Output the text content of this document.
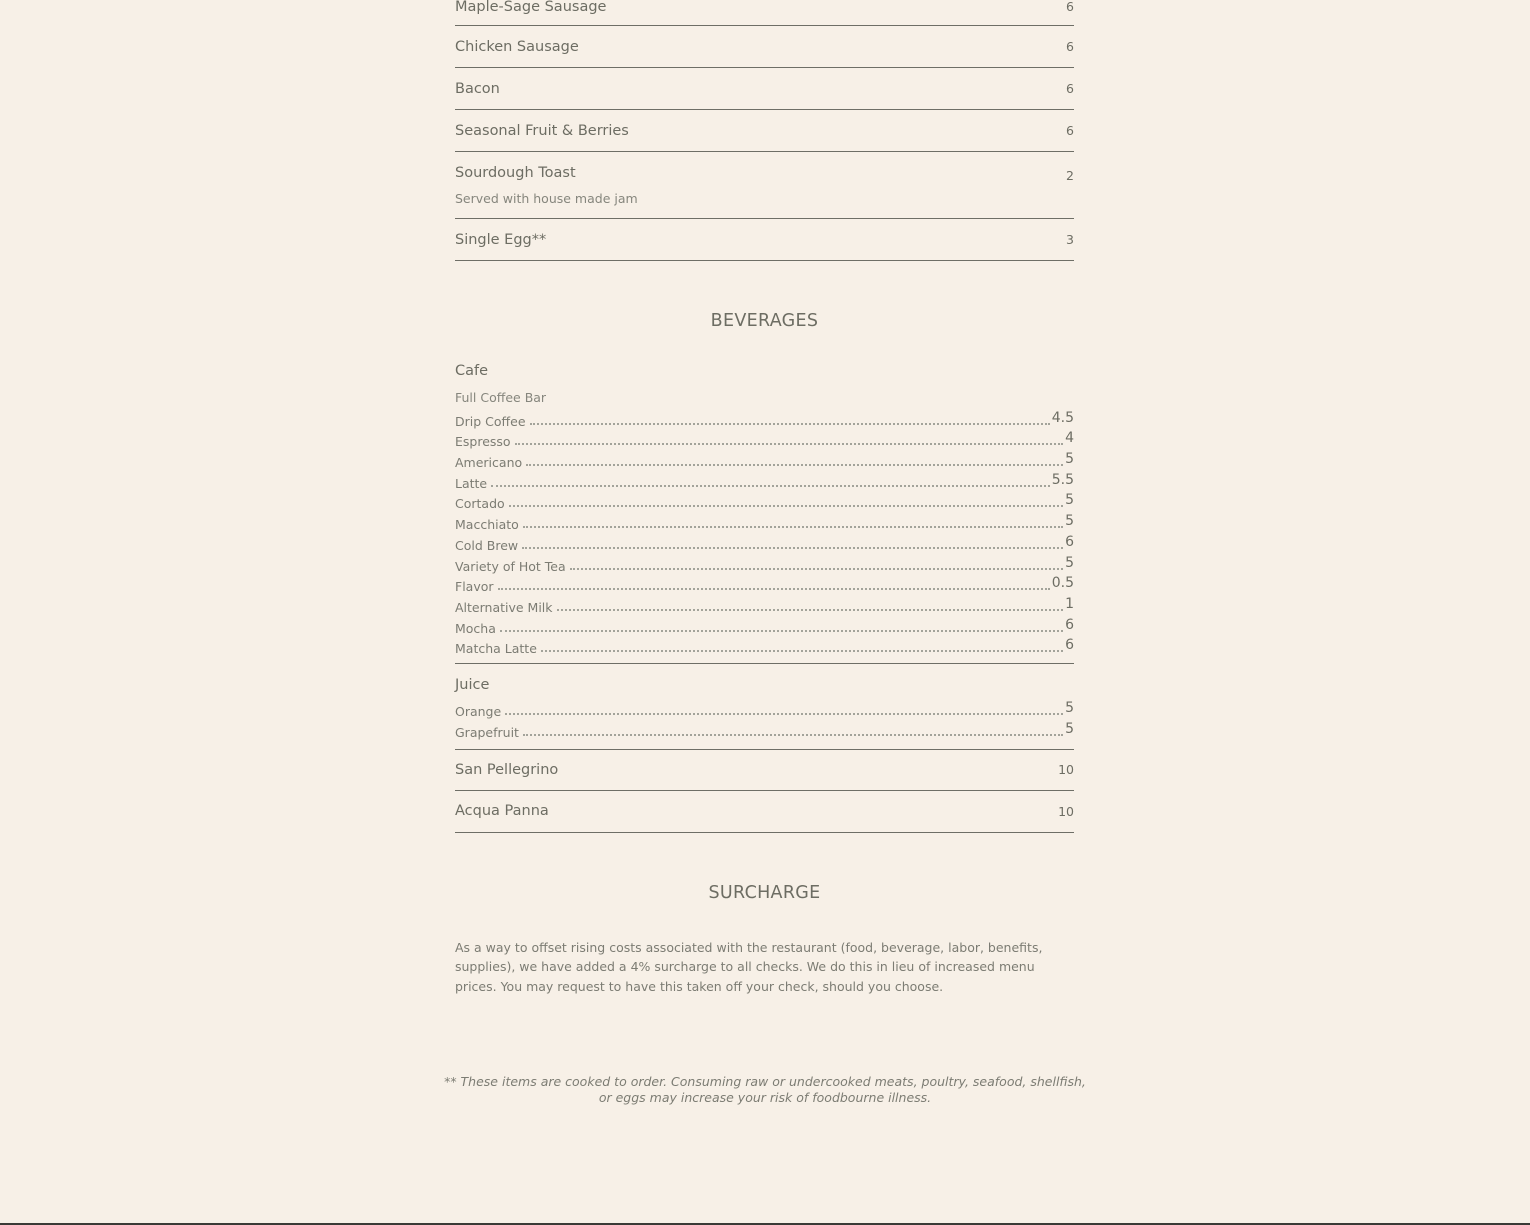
Maple-Sage Sausage	6
Chicken Sausage	6
Bacon	6
Seasonal Fruit & Berries	6
Sourdough Toast	2
Served with house made jam
Single Egg**	3
BEVERAGES
Cafe
Full Coffee Bar
Drip Coffee	4.5
Espresso	4
Americano	5
Latte	5.5
Cortado	5
Macchiato	5
Cold Brew	6
Variety of Hot Tea	5
Flavor	0.5
Alternative Milk	1
Mocha	6
Matcha Latte	6
Juice
Orange	5
Grapefruit	5
San Pellegrino	10
Acqua Panna	10
SURCHARGE
As a way to offset rising costs associated with the restaurant (food, beverage, labor, benefits, supplies), we have added a 4% surcharge to all checks. We do this in lieu of increased menu prices. You may request to have this taken off your check, should you choose.
** These items are cooked to order. Consuming raw or undercooked meats, poultry, seafood, shellfish, or eggs may increase your risk of foodbourne illness.
